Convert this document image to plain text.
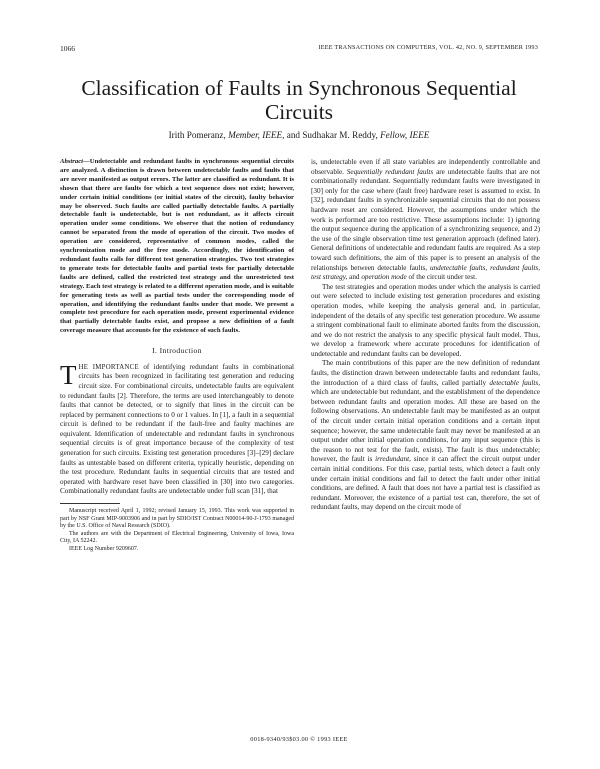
1066	IEEE TRANSACTIONS ON COMPUTERS, VOL. 42, NO. 9, SEPTEMBER 1993
Classification of Faults in Synchronous Sequential Circuits
Irith Pomeranz, Member, IEEE, and Sudhakar M. Reddy, Fellow, IEEE

Abstract—Undetectable and redundant faults in synchronous sequential circuits are analyzed. A distinction is drawn between undetectable faults and faults that are never manifested as output errors. The latter are classified as redundant. It is shown that there are faults for which a test sequence does not exist; however, under certain initial conditions (or initial states of the circuit), faulty behavior may be observed. Such faults are called partially detectable faults. A partially detectable fault is undetectable, but is not redundant, as it affects circuit operation under some conditions. We observe that the notion of redundancy cannot be separated from the mode of operation of the circuit. Two modes of operation are considered, representative of common modes, called the synchronization mode and the free mode. Accordingly, the identification of redundant faults calls for different test generation strategies. Two test strategies to generate tests for detectable faults and partial tests for partially detectable faults are defined, called the restricted test strategy and the unrestricted test strategy. Each test strategy is related to a different operation mode, and is suitable for generating tests as well as partial tests under the corresponding mode of operation, and identifying the redundant faults under that mode. We present a complete test procedure for each operation mode, present experimental evidence that partially detectable faults exist, and propose a new definition of a fault coverage measure that accounts for the existence of such faults.

I. Introduction

THE IMPORTANCE of identifying redundant faults in combinational circuits has been recognized in facilitating test generation and reducing circuit size. For combinational circuits, undetectable faults are equivalent to redundant faults [2]. Therefore, the terms are used interchangeably to denote faults that cannot be detected, or to signify that lines in the circuit can be replaced by permanent connections to 0 or 1 values. In [1], a fault in a sequential circuit is defined to be redundant if the fault-free and faulty machines are equivalent. Identification of undetectable and redundant faults in synchronous sequential circuits is of great importance because of the complexity of test generation for such circuits. Existing test generation procedures [3]–[29] declare faults as untestable based on different criteria, typically heuristic, depending on the test procedure. Redundant faults in sequential circuits that are tested and operated with hardware reset have been classified in [30] into two categories. Combinationally redundant faults are undetectable under full scan [31], that

Manuscript received April 1, 1992; revised January 15, 1993. This work was supported in part by NSF Grant MIP-9003906 and in part by SDIO/IST Contract N00014-90-J-1793 managed by the U.S. Office of Naval Research (SDIO).

The authors are with the Department of Electrical Engineering, University of Iowa, Iowa City, IA 52242.

IEEE Log Number 9209607.

is, undetectable even if all state variables are independently controllable and observable. Sequentially redundant faults are undetectable faults that are not combinationally redundant. Sequentially redundant faults were investigated in [30] only for the case where (fault free) hardware reset is assumed to exist. In [32], redundant faults in synchronizable sequential circuits that do not possess hardware reset are considered. However, the assumptions under which the work is performed are too restrictive. These assumptions include: 1) ignoring the output sequence during the application of a synchronizing sequence, and 2) the use of the single observation time test generation approach (defined later). General definitions of undetectable and redundant faults are required. As a step toward such definitions, the aim of this paper is to present an analysis of the relationships between detectable faults, undetectable faults, redundant faults, test strategy, and operation mode of the circuit under test.

The test strategies and operation modes under which the analysis is carried out were selected to include existing test generation procedures and existing operation modes, while keeping the analysis general and, in particular, independent of the details of any specific test generation procedure. We assume a stringent combinational fault to eliminate aborted faults from the discussion, and we do not restrict the analysis to any specific physical fault model. Thus, we develop a framework where accurate procedures for identification of undetectable and redundant faults can be developed.

The main contributions of this paper are the new definition of redundant faults, the distinction drawn between undetectable faults and redundant faults, the introduction of a third class of faults, called partially detectable faults, which are undetectable but redundant, and the establishment of the dependence between redundant faults and operation modes. All these are based on the following observations. An undetectable fault may be manifested as an output of the circuit under certain initial operation conditions and a certain input sequence; however, the same undetectable fault may never be manifested at an output under other initial operation conditions, for any input sequence (this is the reason to not test for the fault, exists). The fault is thus undetectable; however, the fault is irredundant, since it can affect the circuit output under certain initial conditions. For this case, partial tests, which detect a fault only under certain initial conditions and fail to detect the fault under other initial conditions, are defined. A fault that does not have a partial test is classified as redundant. Moreover, the existence of a partial test can, therefore, the set of redundant faults, may depend on the circuit mode of

0018-9340/93$03.00 © 1993 IEEE
